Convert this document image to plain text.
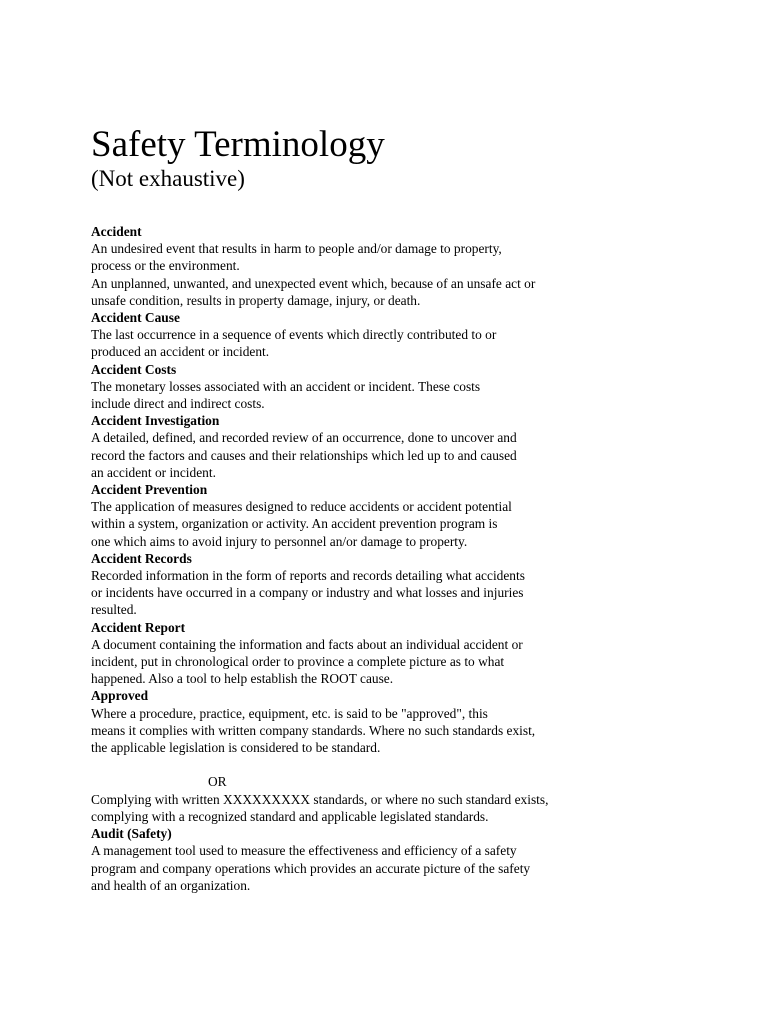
Safety Terminology
(Not exhaustive)
Accident
An undesired event that results in harm to people and/or damage to property,
process or the environment.
An unplanned, unwanted, and unexpected event which, because of an unsafe act or
unsafe condition, results in property damage, injury, or death.
Accident Cause
The last occurrence in a sequence of events which directly contributed to or
produced an accident or incident.
Accident Costs
The monetary losses associated with an accident or incident. These costs
include direct and indirect costs.
Accident Investigation
A detailed, defined, and recorded review of an occurrence, done to uncover and
record the factors and causes and their relationships which led up to and caused
an accident or incident.
Accident Prevention
The application of measures designed to reduce accidents or accident potential
within a system, organization or activity. An accident prevention program is
one which aims to avoid injury to personnel an/or damage to property.
Accident Records
Recorded information in the form of reports and records detailing what accidents
or incidents have occurred in a company or industry and what losses and injuries
resulted.
Accident Report
A document containing the information and facts about an individual accident or
incident, put in chronological order to province a complete picture as to what
happened. Also a tool to help establish the ROOT cause.
Approved
Where a procedure, practice, equipment, etc. is said to be "approved", this
means it complies with written company standards. Where no such standards exist,
the applicable legislation is considered to be standard.
OR
Complying with written XXXXXXXXX standards, or where no such standard exists,
complying with a recognized standard and applicable legislated standards.
Audit (Safety)
A management tool used to measure the effectiveness and efficiency of a safety
program and company operations which provides an accurate picture of the safety
and health of an organization.
